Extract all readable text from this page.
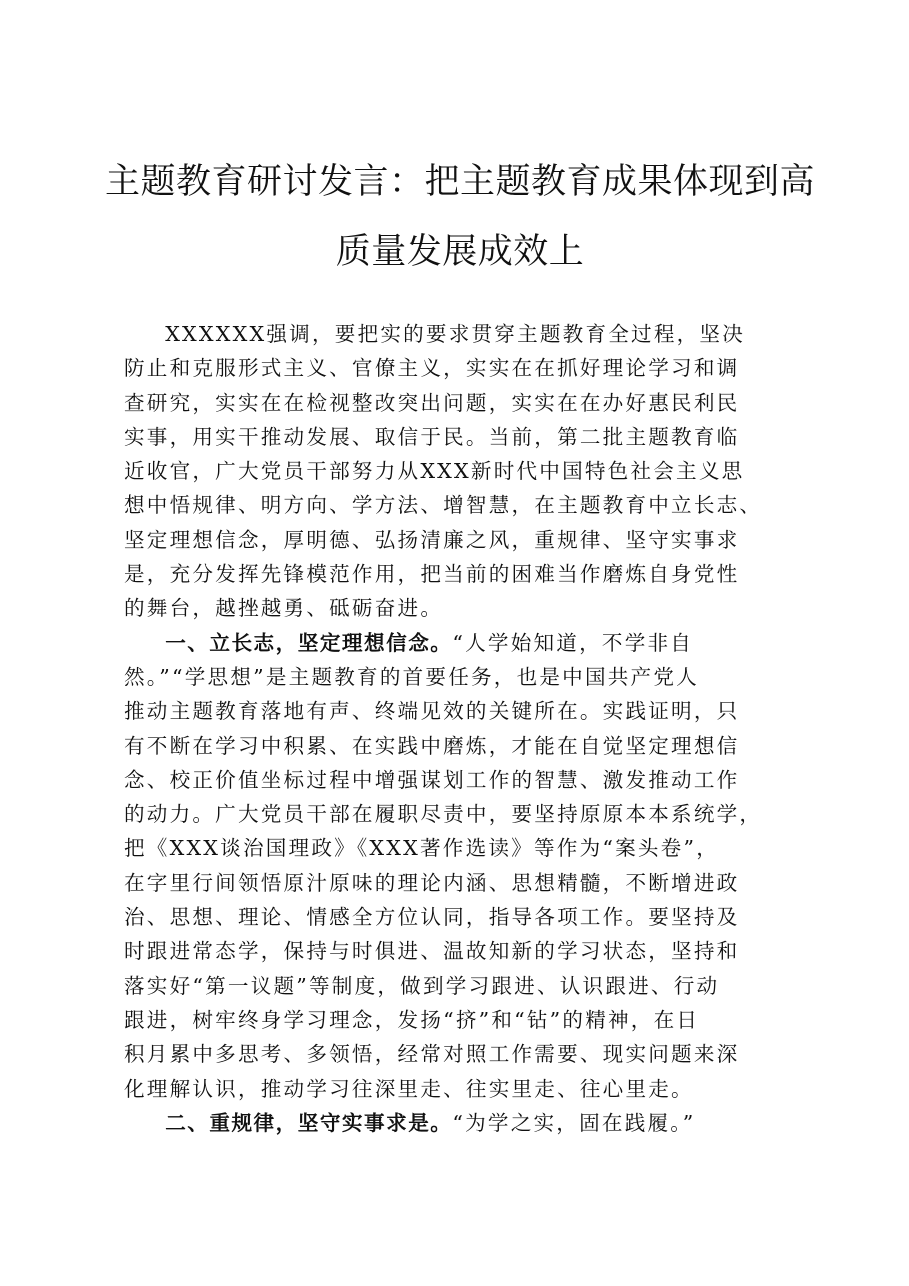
主题教育研讨发言：把主题教育成果体现到高
质量发展成效上

XXXXXX强调，要把实的要求贯穿主题教育全过程，坚决
防止和克服形式主义、官僚主义，实实在在抓好理论学习和调
查研究，实实在在检视整改突出问题，实实在在办好惠民利民
实事，用实干推动发展、取信于民。当前，第二批主题教育临
近收官，广大党员干部努力从XXX新时代中国特色社会主义思
想中悟规律、明方向、学方法、增智慧，在主题教育中立长志、
坚定理想信念，厚明德、弘扬清廉之风，重规律、坚守实事求
是，充分发挥先锋模范作用，把当前的困难当作磨炼自身党性
的舞台，越挫越勇、砥砺奋进。

一、立长志，坚定理想信念。“人学始知道，不学非自
然。”“学思想”是主题教育的首要任务，也是中国共产党人
推动主题教育落地有声、终端见效的关键所在。实践证明，只
有不断在学习中积累、在实践中磨炼，才能在自觉坚定理想信
念、校正价值坐标过程中增强谋划工作的智慧、激发推动工作
的动力。广大党员干部在履职尽责中，要坚持原原本本系统学，
把《XXX谈治国理政》《XXX著作选读》等作为“案头卷”，
在字里行间领悟原汁原味的理论内涵、思想精髓，不断增进政
治、思想、理论、情感全方位认同，指导各项工作。要坚持及
时跟进常态学，保持与时俱进、温故知新的学习状态，坚持和
落实好“第一议题”等制度，做到学习跟进、认识跟进、行动
跟进，树牢终身学习理念，发扬“挤”和“钻”的精神，在日
积月累中多思考、多领悟，经常对照工作需要、现实问题来深
化理解认识，推动学习往深里走、往实里走、往心里走。

二、重规律，坚守实事求是。“为学之实，固在践履。”
